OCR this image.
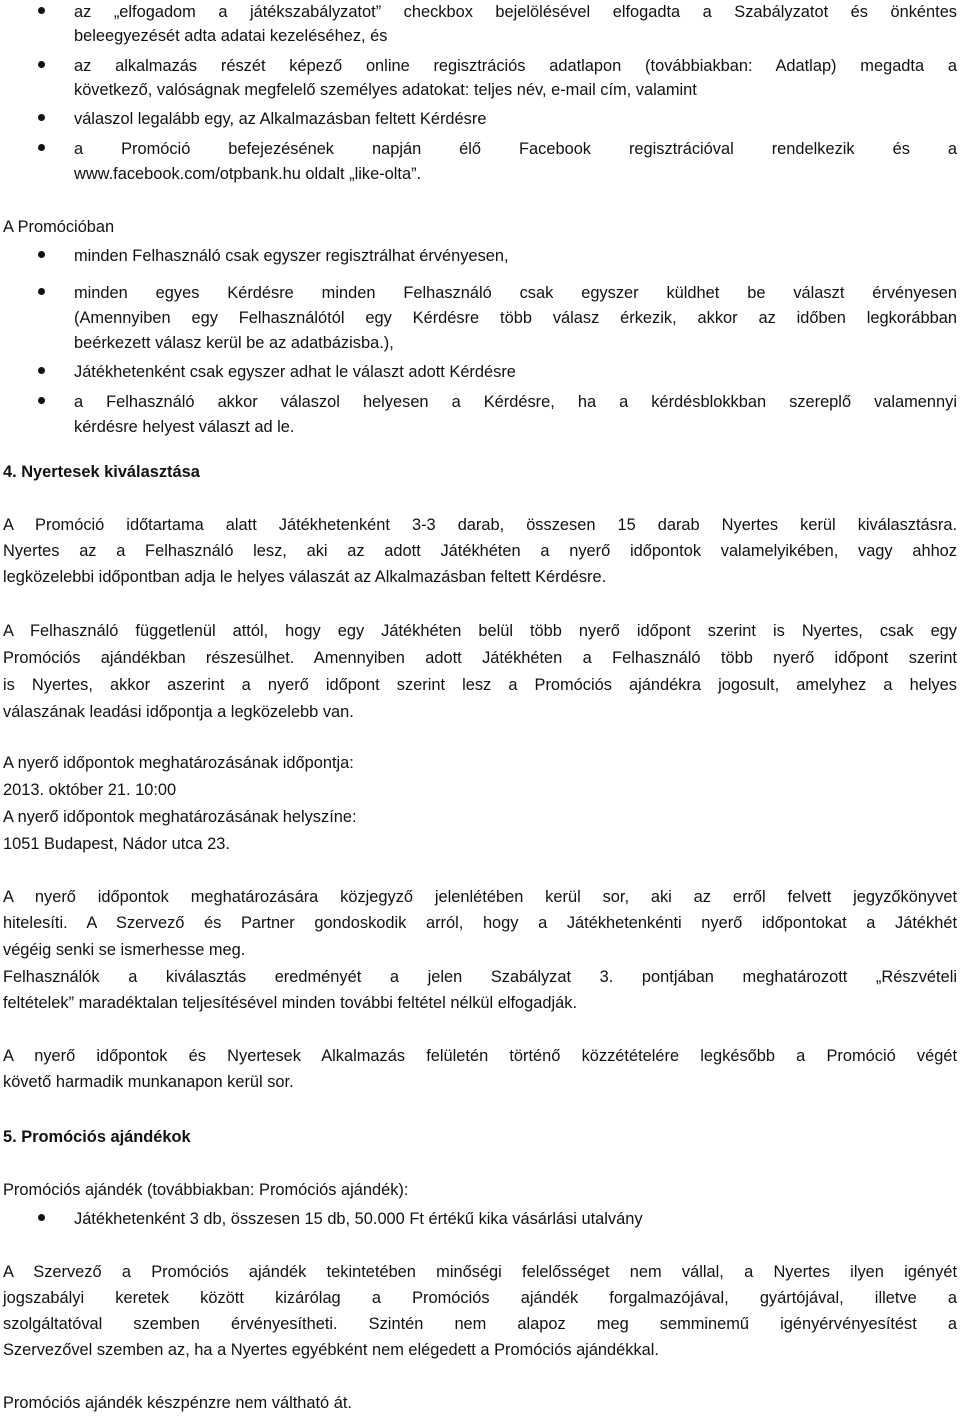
az „elfogadom a játékszabályzatot” checkbox bejelölésével elfogadta a Szabályzatot és önkéntes
beleegyezését adta adatai kezeléséhez, és
az alkalmazás részét képező online regisztrációs adatlapon (továbbiakban: Adatlap) megadta a
következő, valóságnak megfelelő személyes adatokat: teljes név, e-mail cím, valamint
válaszol legalább egy, az Alkalmazásban feltett Kérdésre
a Promóció befejezésének napján élő Facebook regisztrációval rendelkezik és a
www.facebook.com/otpbank.hu oldalt „like-olta”.
A Promócióban
minden Felhasználó csak egyszer regisztrálhat érvényesen,
minden egyes Kérdésre minden Felhasználó csak egyszer küldhet be választ érvényesen
(Amennyiben egy Felhasználótól egy Kérdésre több válasz érkezik, akkor az időben legkorábban
beérkezett válasz kerül be az adatbázisba.),
Játékhetenként csak egyszer adhat le választ adott Kérdésre
a Felhasználó akkor válaszol helyesen a Kérdésre, ha a kérdésblokkban szereplő valamennyi
kérdésre helyest választ ad le.
4. Nyertesek kiválasztása
A Promóció időtartama alatt Játékhetenként 3-3 darab, összesen 15 darab Nyertes kerül kiválasztásra.
Nyertes az a Felhasználó lesz, aki az adott Játékhéten a nyerő időpontok valamelyikében, vagy ahhoz
legközelebbi időpontban adja le helyes válaszát az Alkalmazásban feltett Kérdésre.
A Felhasználó függetlenül attól, hogy egy Játékhéten belül több nyerő időpont szerint is Nyertes, csak egy
Promóciós ajándékban részesülhet. Amennyiben adott Játékhéten a Felhasználó több nyerő időpont szerint
is Nyertes, akkor aszerint a nyerő időpont szerint lesz a Promóciós ajándékra jogosult, amelyhez a helyes
válaszának leadási időpontja a legközelebb van.
A nyerő időpontok meghatározásának időpontja:
2013. október 21. 10:00
A nyerő időpontok meghatározásának helyszíne:
1051 Budapest, Nádor utca 23.
A nyerő időpontok meghatározására közjegyző jelenlétében kerül sor, aki az erről felvett jegyzőkönyvet
hitelesíti. A Szervező és Partner gondoskodik arról, hogy a Játékhetenkénti nyerő időpontokat a Játékhét
végéig senki se ismerhesse meg.
Felhasználók a kiválasztás eredményét a jelen Szabályzat 3. pontjában meghatározott „Részvételi
feltételek” maradéktalan teljesítésével minden további feltétel nélkül elfogadják.
A nyerő időpontok és Nyertesek Alkalmazás felületén történő közzétételére legkésőbb a Promóció végét
követő harmadik munkanapon kerül sor.
5. Promóciós ajándékok
Promóciós ajándék (továbbiakban: Promóciós ajándék):
Játékhetenként 3 db, összesen 15 db, 50.000 Ft értékű kika vásárlási utalvány
A Szervező a Promóciós ajándék tekintetében minőségi felelősséget nem vállal, a Nyertes ilyen igényét
jogszabályi keretek között kizárólag a Promóciós ajándék forgalmazójával, gyártójával, illetve a
szolgáltatóval szemben érvényesítheti. Szintén nem alapoz meg semminemű igényérvényesítést a
Szervezővel szemben az, ha a Nyertes egyébként nem elégedett a Promóciós ajándékkal.
Promóciós ajándék készpénzre nem váltható át.
